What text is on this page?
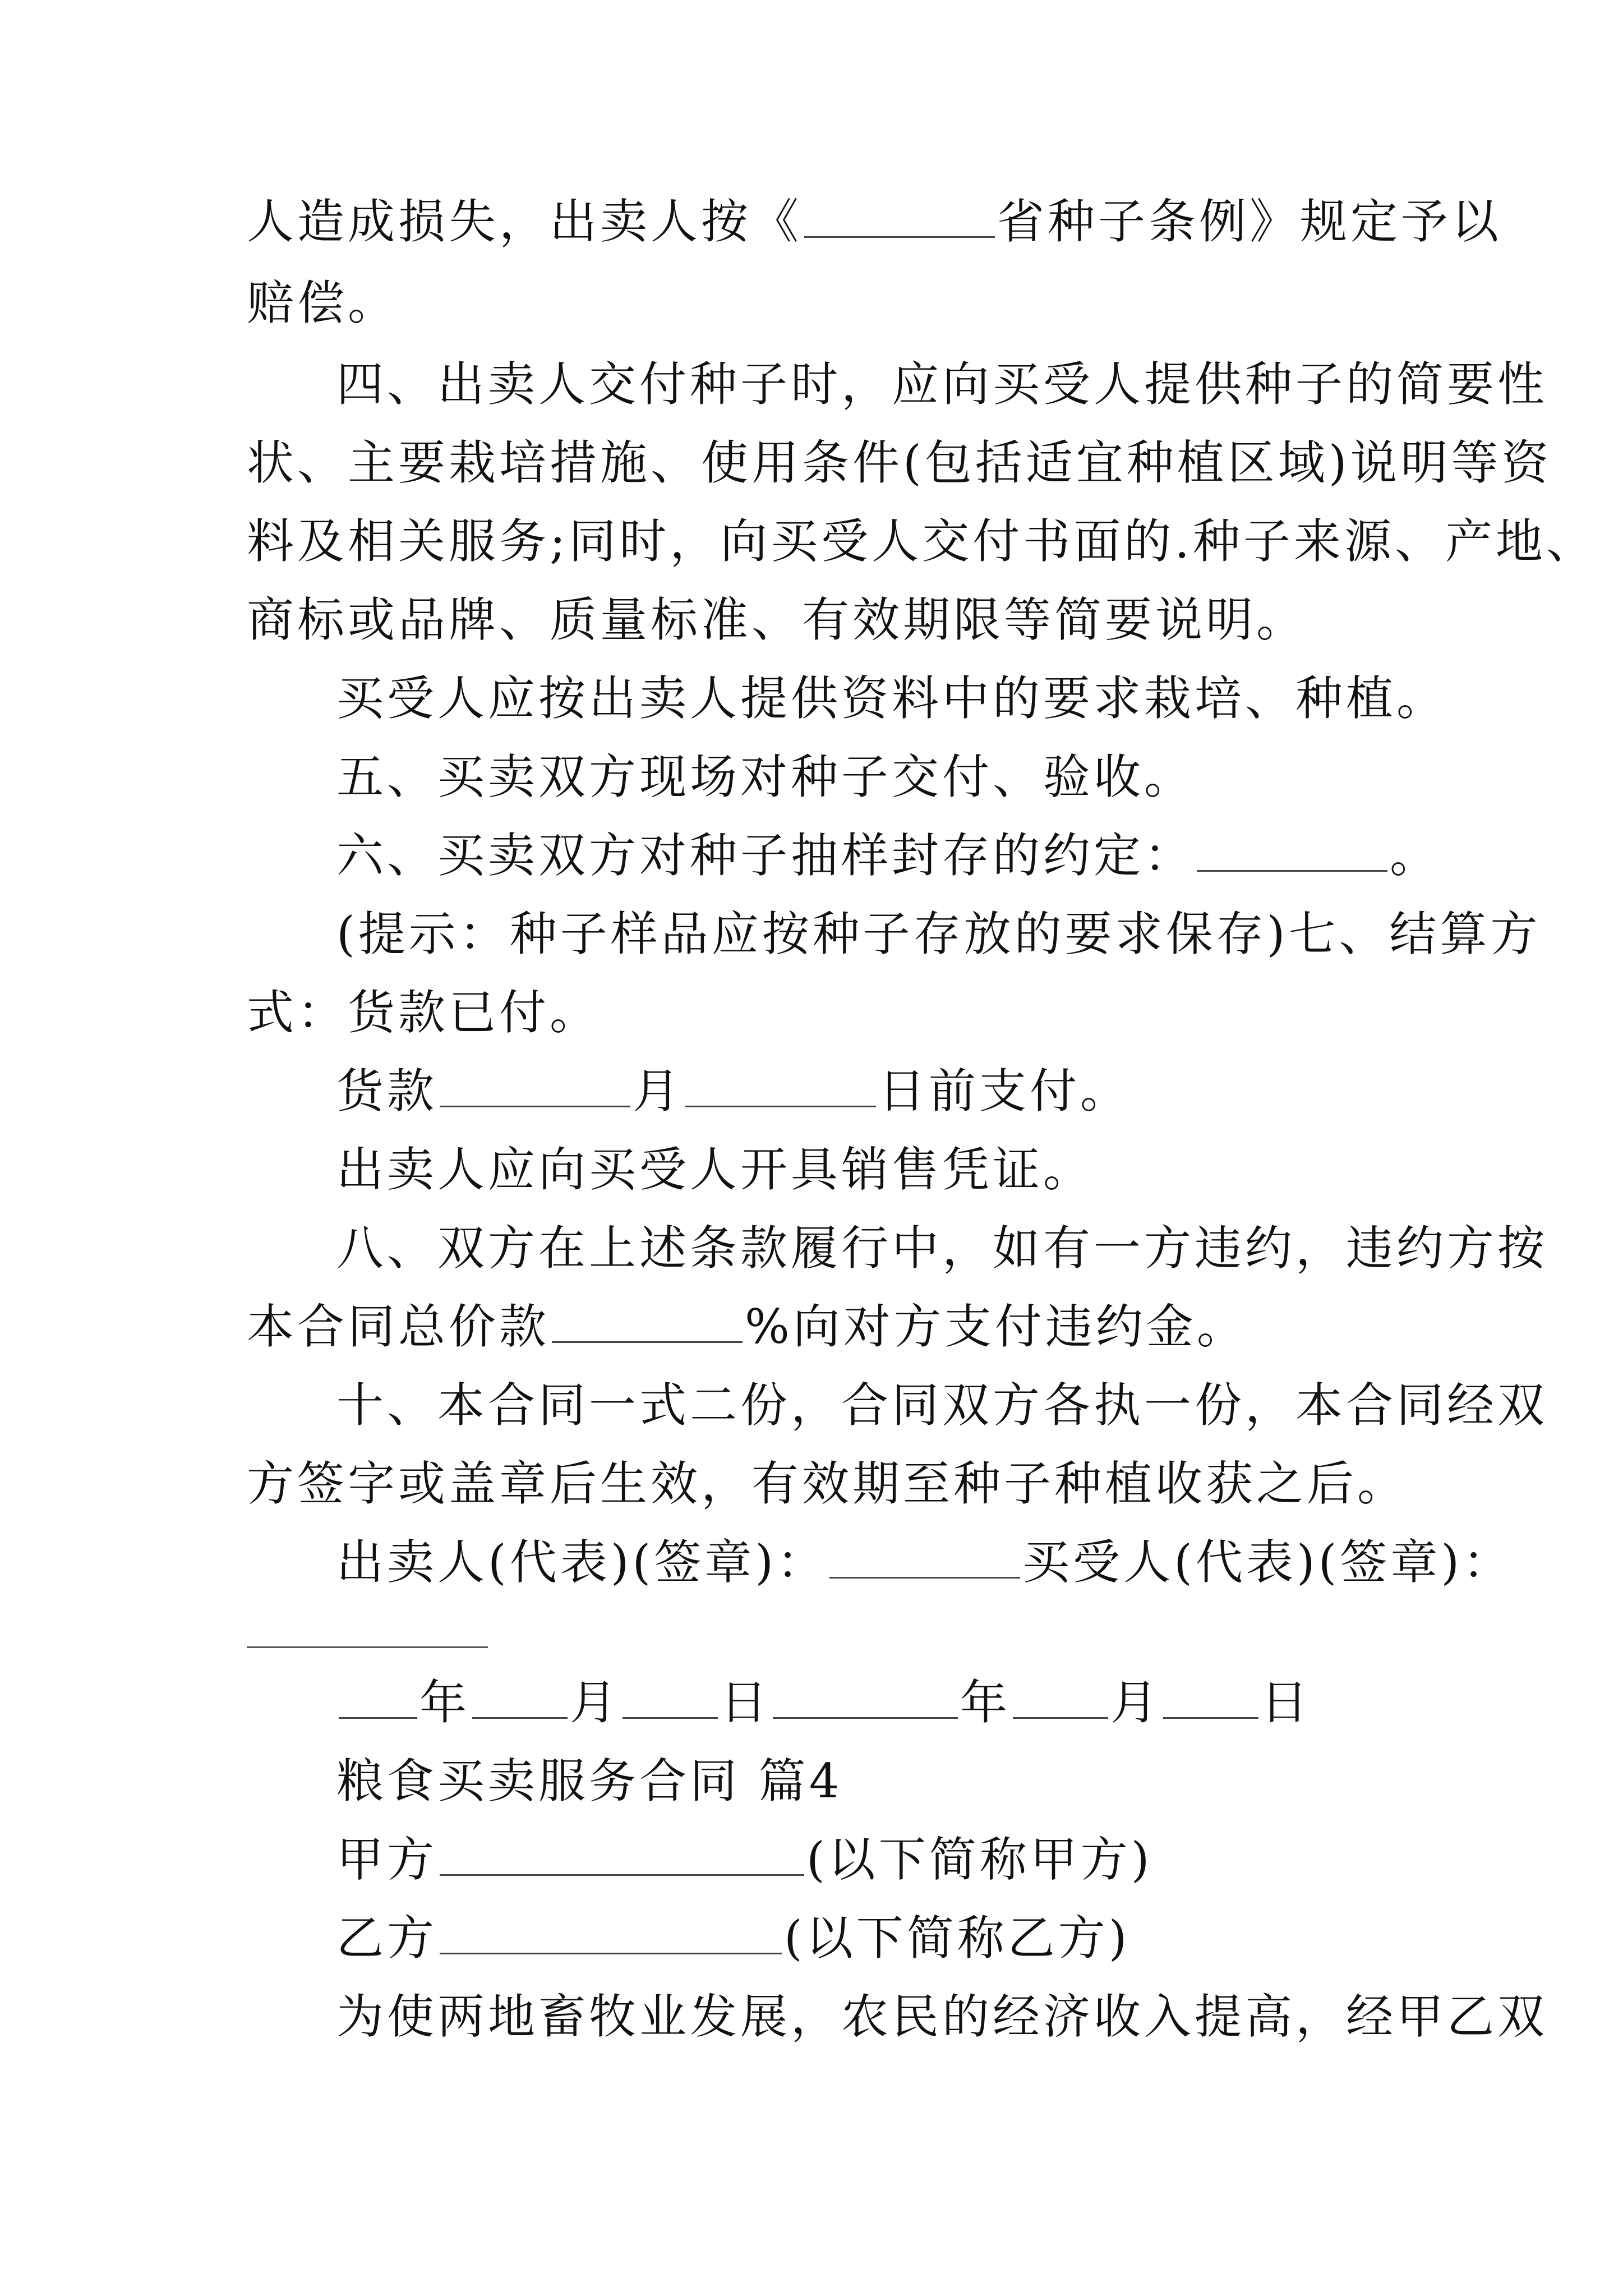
人造成损失，出卖人按《	省种子条例》规定予以
赔偿。
四、出卖人交付种子时，应向买受人提供种子的简要性
状、主要栽培措施、使用条件(包括适宜种植区域)说明等资
料及相关服务;同时，向买受人交付书面的.种子来源、产地、
商标或品牌、质量标准、有效期限等简要说明。
买受人应按出卖人提供资料中的要求栽培、种植。
五、买卖双方现场对种子交付、验收。
六、买卖双方对种子抽样封存的约定：	。
(提示：种子样品应按种子存放的要求保存)七、结算方
式：货款已付。
货款	月	日前支付。
出卖人应向买受人开具销售凭证。
八、双方在上述条款履行中，如有一方违约，违约方按
本合同总价款	%向对方支付违约金。
十、本合同一式二份，合同双方各执一份，本合同经双
方签字或盖章后生效，有效期至种子种植收获之后。
出卖人(代表)(签章)：	买受人(代表)(签章)：
年 月 日	年 月 日
粮食买卖服务合同 篇4
甲方	(以下简称甲方)
乙方	(以下简称乙方)
为使两地畜牧业发展，农民的经济收入提高，经甲乙双
